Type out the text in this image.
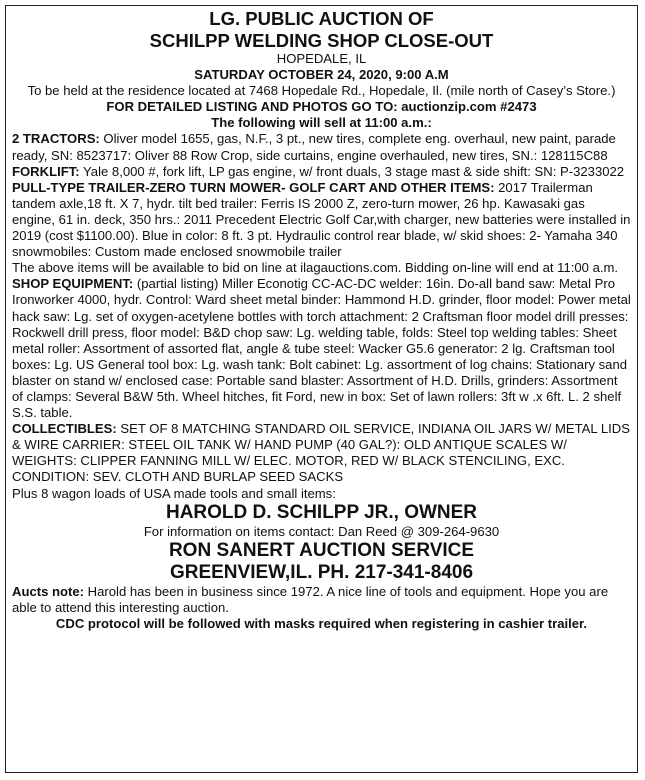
LG. PUBLIC AUCTION OF
SCHILPP WELDING SHOP CLOSE-OUT

HOPEDALE, IL

SATURDAY OCTOBER 24, 2020, 9:00 A.M

To be held at the residence located at 7468 Hopedale Rd., Hopedale, Il. (mile north of Casey’s Store.)

FOR DETAILED LISTING AND PHOTOS GO TO: auctionzip.com #2473

The following will sell at 11:00 a.m.:

2 TRACTORS: Oliver model 1655, gas, N.F., 3 pt., new tires, complete eng. overhaul, new paint, parade ready, SN: 8523717: Oliver 88 Row Crop, side curtains, engine overhauled, new tires, SN.: 128115C88

FORKLIFT: Yale 8,000 #, fork lift, LP gas engine, w/ front duals, 3 stage mast & side shift: SN: P-3233022

PULL-TYPE TRAILER-ZERO TURN MOWER- GOLF CART AND OTHER ITEMS: 2017 Trailerman tandem axle,18 ft. X 7, hydr. tilt bed trailer: Ferris IS 2000 Z, zero-turn mower, 26 hp. Kawasaki gas engine, 61 in. deck, 350 hrs.: 2011 Precedent Electric Golf Car,with charger, new batteries were installed in 2019 (cost $1100.00). Blue in color: 8 ft. 3 pt. Hydraulic control rear blade, w/ skid shoes: 2- Yamaha 340 snowmobiles: Custom made enclosed snowmobile trailer

The above items will be available to bid on line at ilagauctions.com. Bidding on-line will end at 11:00 a.m.

SHOP EQUIPMENT: (partial listing) Miller Econotig CC-AC-DC welder: 16in. Do-all band saw: Metal Pro Ironworker 4000, hydr. Control: Ward sheet metal binder: Hammond H.D. grinder, floor model: Power metal hack saw: Lg. set of oxygen-acetylene bottles with torch attachment: 2 Craftsman floor model drill presses: Rockwell drill press, floor model: B&D chop saw: Lg. welding table, folds: Steel top welding tables: Sheet metal roller: Assortment of assorted flat, angle & tube steel: Wacker G5.6 generator: 2 lg. Craftsman tool boxes: Lg. US General tool box: Lg. wash tank: Bolt cabinet: Lg. assortment of log chains: Stationary sand blaster on stand w/ enclosed case: Portable sand blaster: Assortment of H.D. Drills, grinders: Assortment of clamps: Several B&W 5th. Wheel hitches, fit Ford, new in box: Set of lawn rollers: 3ft w .x 6ft. L. 2 shelf S.S. table.

COLLECTIBLES: SET OF 8 MATCHING STANDARD OIL SERVICE, INDIANA OIL JARS W/ METAL LIDS & WIRE CARRIER: STEEL OIL TANK W/ HAND PUMP (40 GAL?): OLD ANTIQUE SCALES W/ WEIGHTS: CLIPPER FANNING MILL W/ ELEC. MOTOR, RED W/ BLACK STENCILING, EXC. CONDITION: SEV. CLOTH AND BURLAP SEED SACKS

Plus 8 wagon loads of USA made tools and small items:

HAROLD D. SCHILPP JR., OWNER

For information on items contact: Dan Reed @ 309-264-9630

RON SANERT AUCTION SERVICE
GREENVIEW,IL. PH. 217-341-8406

Aucts note: Harold has been in business since 1972. A nice line of tools and equipment. Hope you are able to attend this interesting auction.

CDC protocol will be followed with masks required when registering in cashier trailer.
